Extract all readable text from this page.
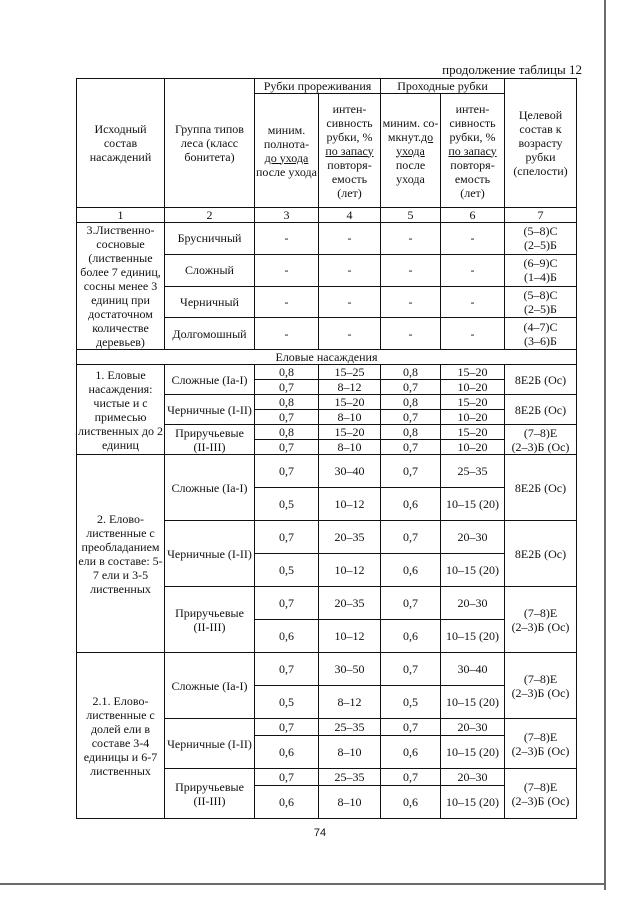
продолжение таблицы 12
Исходный состав насаждений	Группа типов леса (класс бонитета)	Рубки прореживания		Проходные рубки		Целевой состав к возрасту рубки (спелости)
		миним. полнота-
до ухода
после ухода	интен-сивность рубки, %
по запасу
повторя-емость (лет)	миним. со-мкнут.до ухода
после ухода	интен-сивность рубки, %
по запасу
повторя-емость (лет)	
1	2	3	4	5	6	7
3.Лиственно-сосновые (лиственные более 7 единиц, сосны менее 3 единиц при достаточном количестве деревьев)	Брусничный	-	-	-	-	(5–8)С
(2–5)Б
	Сложный	-	-	-	-	(6–9)С
(1–4)Б
	Черничный	-	-	-	-	(5–8)С
(2–5)Б
	Долгомошный	-	-	-	-	(4–7)С
(3–6)Б
Еловые насаждения						
1. Еловые насаждения: чистые и с примесью лиственных до 2 единиц	Сложные (Iа-I)	0,8	15–25	0,8	15–20	8Е2Б (Ос)
		0,7	8–12	0,7	10–20	
	Черничные (I-II)	0,8	15–20	0,8	15–20	8Е2Б (Ос)
		0,7	8–10	0,7	10–20	
	Приручьевые (II-III)	0,8	15–20	0,8	15–20	(7–8)Е
(2–3)Б (Ос)
		0,7	8–10	0,7	10–20	
2. Елово-лиственные с преобладанием ели в составе: 5-7 ели и 3-5 лиственных	Сложные (Iа-I)	0,7	30–40	0,7	25–35	8Е2Б (Ос)
		0,5	10–12	0,6	10–15 (20)	
	Черничные (I-II)	0,7	20–35	0,7	20–30	8Е2Б (Ос)
		0,5	10–12	0,6	10–15 (20)	
	Приручьевые (II-III)	0,7	20–35	0,7	20–30	(7–8)Е
(2–3)Б (Ос)
		0,6	10–12	0,6	10–15 (20)	
2.1. Елово-лиственные с долей ели в составе 3-4 единицы и 6-7 лиственных	Сложные (Iа-I)	0,7	30–50	0,7	30–40	(7–8)Е
(2–3)Б (Ос)
		0,5	8–12	0,5	10–15 (20)	
	Черничные (I-II)	0,7	25–35	0,7	20–30	(7–8)Е
(2–3)Б (Ос)
		0,6	8–10	0,6	10–15 (20)	
	Приручьевые (II-III)	0,7	25–35	0,7	20–30	(7–8)Е
(2–3)Б (Ос)
		0,6	8–10	0,6	10–15 (20)	
74
